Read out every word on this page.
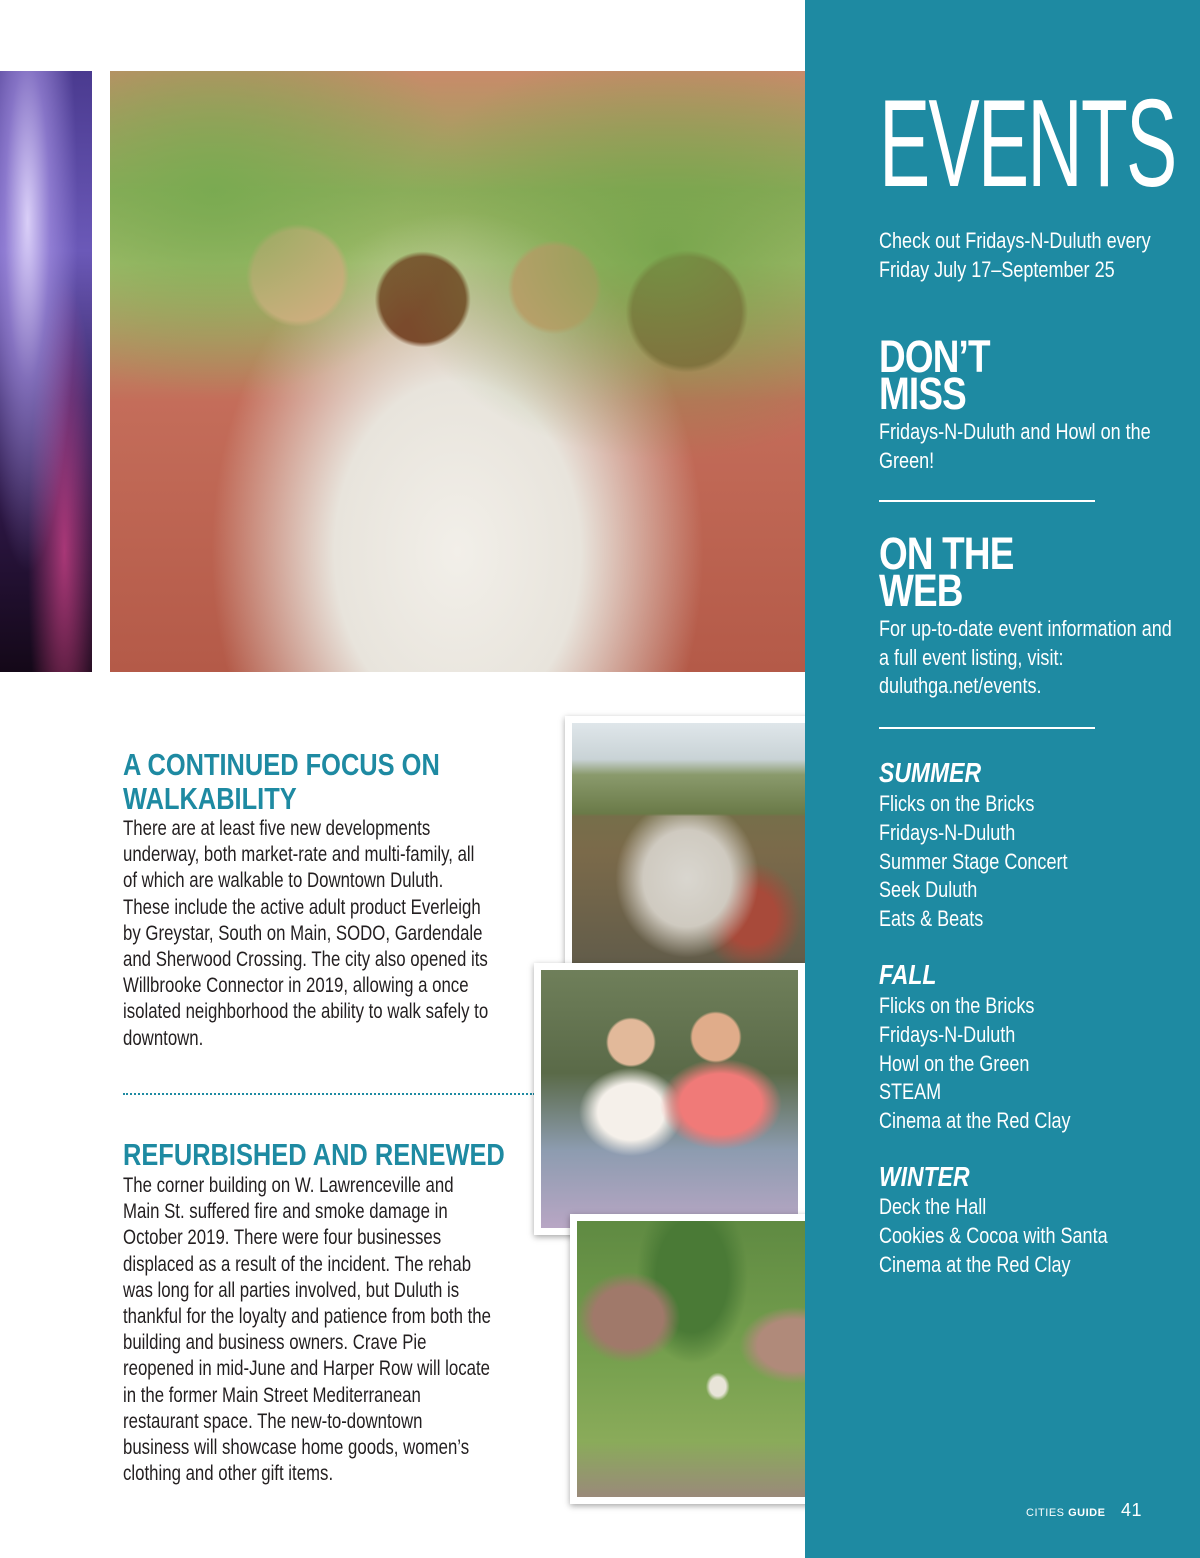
A CONTINUED FOCUS ON
WALKABILITY
There are at least five new developments underway, both market-rate and multi-family, all of which are walkable to Downtown Duluth. These include the active adult product Everleigh by Greystar, South on Main, SODO, Gardendale and Sherwood Crossing. The city also opened its Willbrooke Connector in 2019, allowing a once isolated neighborhood the ability to walk safely to downtown.
REFURBISHED AND RENEWED
The corner building on W. Lawrenceville and Main St. suffered fire and smoke damage in October 2019. There were four businesses displaced as a result of the incident. The rehab was long for all parties involved, but Duluth is thankful for the loyalty and patience from both the building and business owners. Crave Pie reopened in mid-June and Harper Row will locate in the former Main Street Mediterranean restaurant space. The new-to-downtown business will showcase home goods, women’s clothing and other gift items.
EVENTS
Check out Fridays-N-Duluth every Friday July 17–September 25
DON’T
MISS
Fridays-N-Duluth and Howl on the Green!
ON THE
WEB
For up-to-date event information and a full event listing, visit: duluthga.net/events.
SUMMER
Flicks on the Bricks
Fridays-N-Duluth
Summer Stage Concert
Seek Duluth
Eats & Beats
FALL
Flicks on the Bricks
Fridays-N-Duluth
Howl on the Green
STEAM
Cinema at the Red Clay
WINTER
Deck the Hall
Cookies & Cocoa with Santa
Cinema at the Red Clay
CITIES GUIDE 41
